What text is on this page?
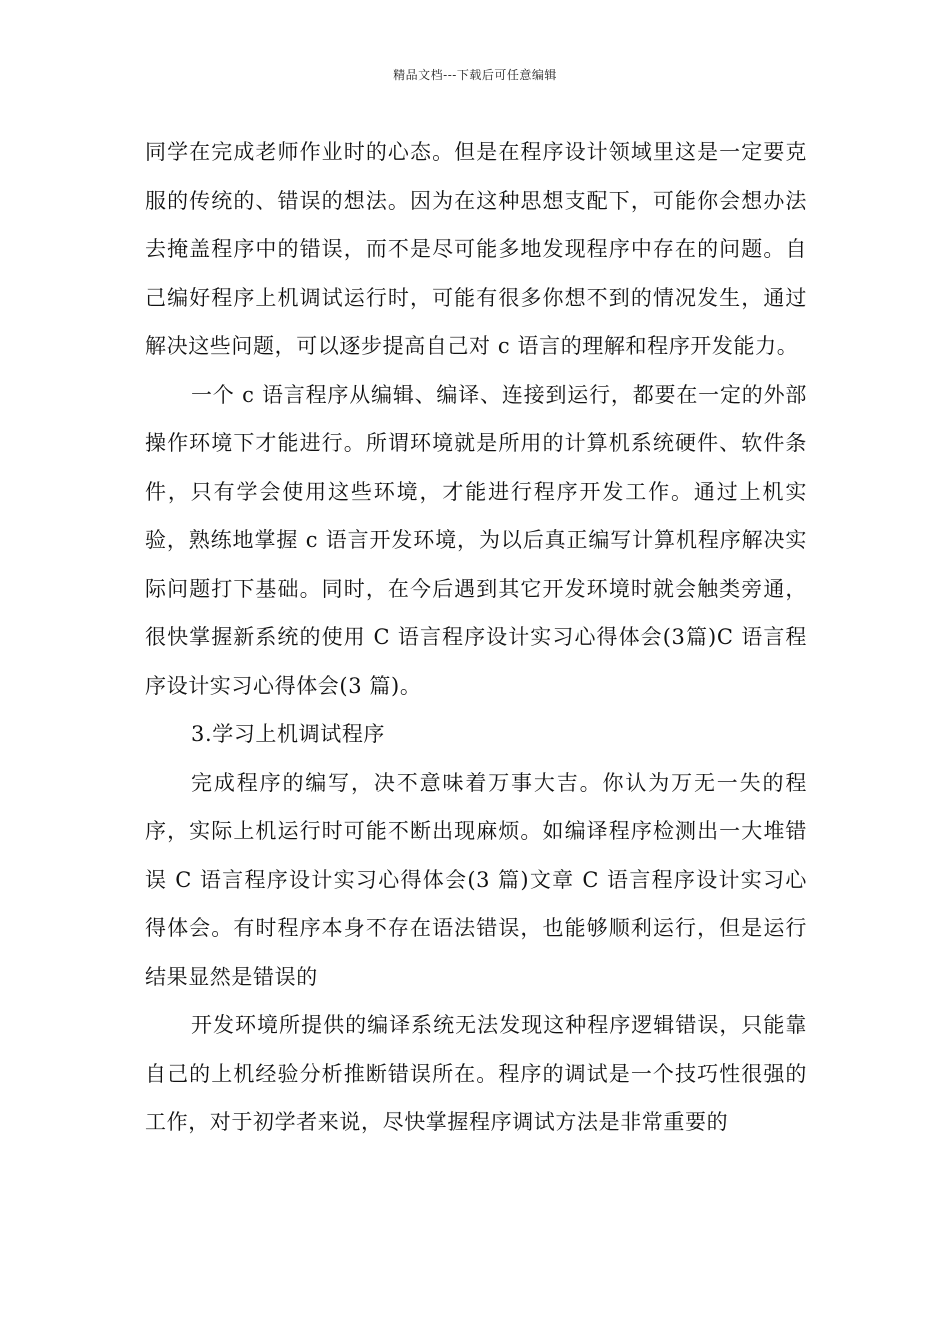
精品文档---下载后可任意编辑

同学在完成老师作业时的心态。但是在程序设计领域里这是一定要克服的传统的、错误的想法。因为在这种思想支配下，可能你会想办法去掩盖程序中的错误，而不是尽可能多地发现程序中存在的问题。自己编好程序上机调试运行时，可能有很多你想不到的情况发生，通过解决这些问题，可以逐步提高自己对 c 语言的理解和程序开发能力。

一个 c 语言程序从编辑、编译、连接到运行，都要在一定的外部操作环境下才能进行。所谓环境就是所用的计算机系统硬件、软件条件，只有学会使用这些环境，才能进行程序开发工作。通过上机实验，熟练地掌握 c 语言开发环境，为以后真正编写计算机程序解决实际问题打下基础。同时，在今后遇到其它开发环境时就会触类旁通，很快掌握新系统的使用 C 语言程序设计实习心得体会(3篇)C 语言程序设计实习心得体会(3 篇)。

3.学习上机调试程序

完成程序的编写，决不意味着万事大吉。你认为万无一失的程序，实际上机运行时可能不断出现麻烦。如编译程序检测出一大堆错误 C 语言程序设计实习心得体会(3 篇)文章 C 语言程序设计实习心得体会。有时程序本身不存在语法错误，也能够顺利运行，但是运行结果显然是错误的

开发环境所提供的编译系统无法发现这种程序逻辑错误，只能靠自己的上机经验分析推断错误所在。程序的调试是一个技巧性很强的工作，对于初学者来说，尽快掌握程序调试方法是非常重要的
